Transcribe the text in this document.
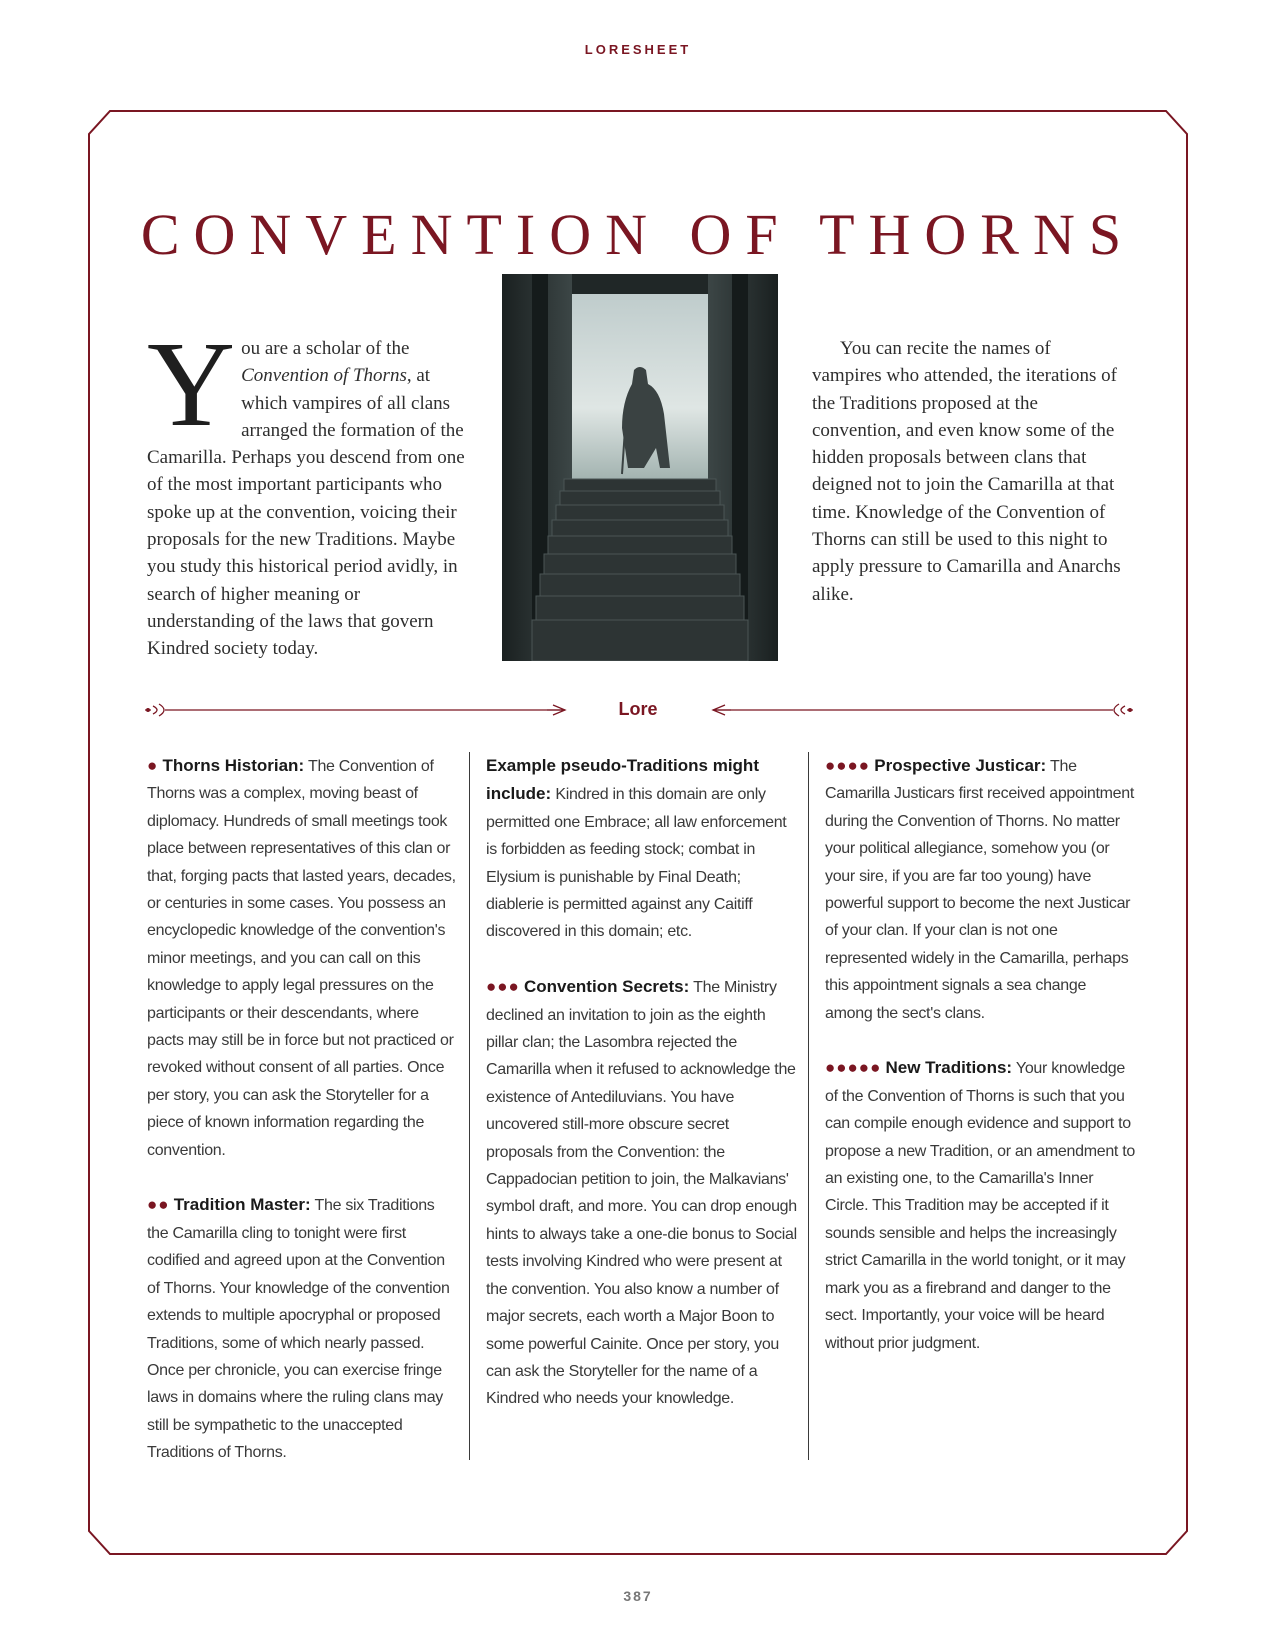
LORESHEET
CONVENTION OF THORNS
You are a scholar of the Convention of Thorns, at which vampires of all clans arranged the formation of the Camarilla. Perhaps you descend from one of the most important participants who spoke up at the convention, voicing their proposals for the new Traditions. Maybe you study this historical period avidly, in search of higher meaning or understanding of the laws that govern Kindred society today.
You can recite the names of vampires who attended, the iterations of the Traditions proposed at the convention, and even know some of the hidden proposals between clans that deigned not to join the Camarilla at that time. Knowledge of the Convention of Thorns can still be used to this night to apply pressure to Camarilla and Anarchs alike.
Lore

● Thorns Historian: The Convention of Thorns was a complex, moving beast of diplomacy. Hundreds of small meetings took place between representatives of this clan or that, forging pacts that lasted years, decades, or centuries in some cases. You possess an encyclopedic knowledge of the convention's minor meetings, and you can call on this knowledge to apply legal pressures on the participants or their descendants, where pacts may still be in force but not practiced or revoked without consent of all parties. Once per story, you can ask the Storyteller for a piece of known information regarding the convention.

●● Tradition Master: The six Traditions the Camarilla cling to tonight were first codified and agreed upon at the Convention of Thorns. Your knowledge of the convention extends to multiple apocryphal or proposed Traditions, some of which nearly passed. Once per chronicle, you can exercise fringe laws in domains where the ruling clans may still be sympathetic to the unaccepted Traditions of Thorns.

Example pseudo-Traditions might include: Kindred in this domain are only permitted one Embrace; all law enforcement is forbidden as feeding stock; combat in Elysium is punishable by Final Death; diablerie is permitted against any Caitiff discovered in this domain; etc.

●●● Convention Secrets: The Ministry declined an invitation to join as the eighth pillar clan; the Lasombra rejected the Camarilla when it refused to acknowledge the existence of Antediluvians. You have uncovered still-more obscure secret proposals from the Convention: the Cappadocian petition to join, the Malkavians' symbol draft, and more. You can drop enough hints to always take a one-die bonus to Social tests involving Kindred who were present at the convention. You also know a number of major secrets, each worth a Major Boon to some powerful Cainite. Once per story, you can ask the Storyteller for the name of a Kindred who needs your knowledge.

●●●● Prospective Justicar: The Camarilla Justicars first received appointment during the Convention of Thorns. No matter your political allegiance, somehow you (or your sire, if you are far too young) have powerful support to become the next Justicar of your clan. If your clan is not one represented widely in the Camarilla, perhaps this appointment signals a sea change among the sect's clans.

●●●●● New Traditions: Your knowledge of the Convention of Thorns is such that you can compile enough evidence and support to propose a new Tradition, or an amendment to an existing one, to the Camarilla's Inner Circle. This Tradition may be accepted if it sounds sensible and helps the increasingly strict Camarilla in the world tonight, or it may mark you as a firebrand and danger to the sect. Importantly, your voice will be heard without prior judgment.

387
